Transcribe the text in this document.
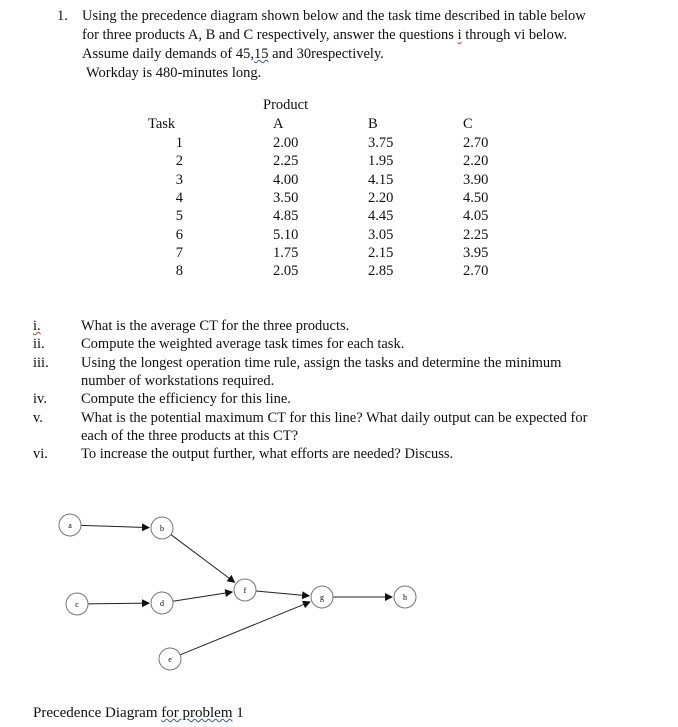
1. Using the precedence diagram shown below and the task time described in table below
for three products A, B and C respectively, answer the questions i through vi below.
Assume daily demands of 45,15 and 30respectively.
Workday is 480-minutes long.
Product
Task	A	B	C
1	2.00	3.75	2.70
2	2.25	1.95	2.20
3	4.00	4.15	3.90
4	3.50	2.20	4.50
5	4.85	4.45	4.05
6	5.10	3.05	2.25
7	1.75	2.15	3.95
8	2.05	2.85	2.70
i.	What is the average CT for the three products.
ii.	Compute the weighted average task times for each task.
iii. Using the longest operation time rule, assign the tasks and determine the minimum
number of workstations required.
iv. Compute the efficiency for this line.
v.	What is the potential maximum CT for this line? What daily output can be expected for
each of the three products at this CT?
vi. To increase the output further, what efforts are needed? Discuss.
a	b
c	d
e
f
g	h
Precedence Diagram for problem 1
